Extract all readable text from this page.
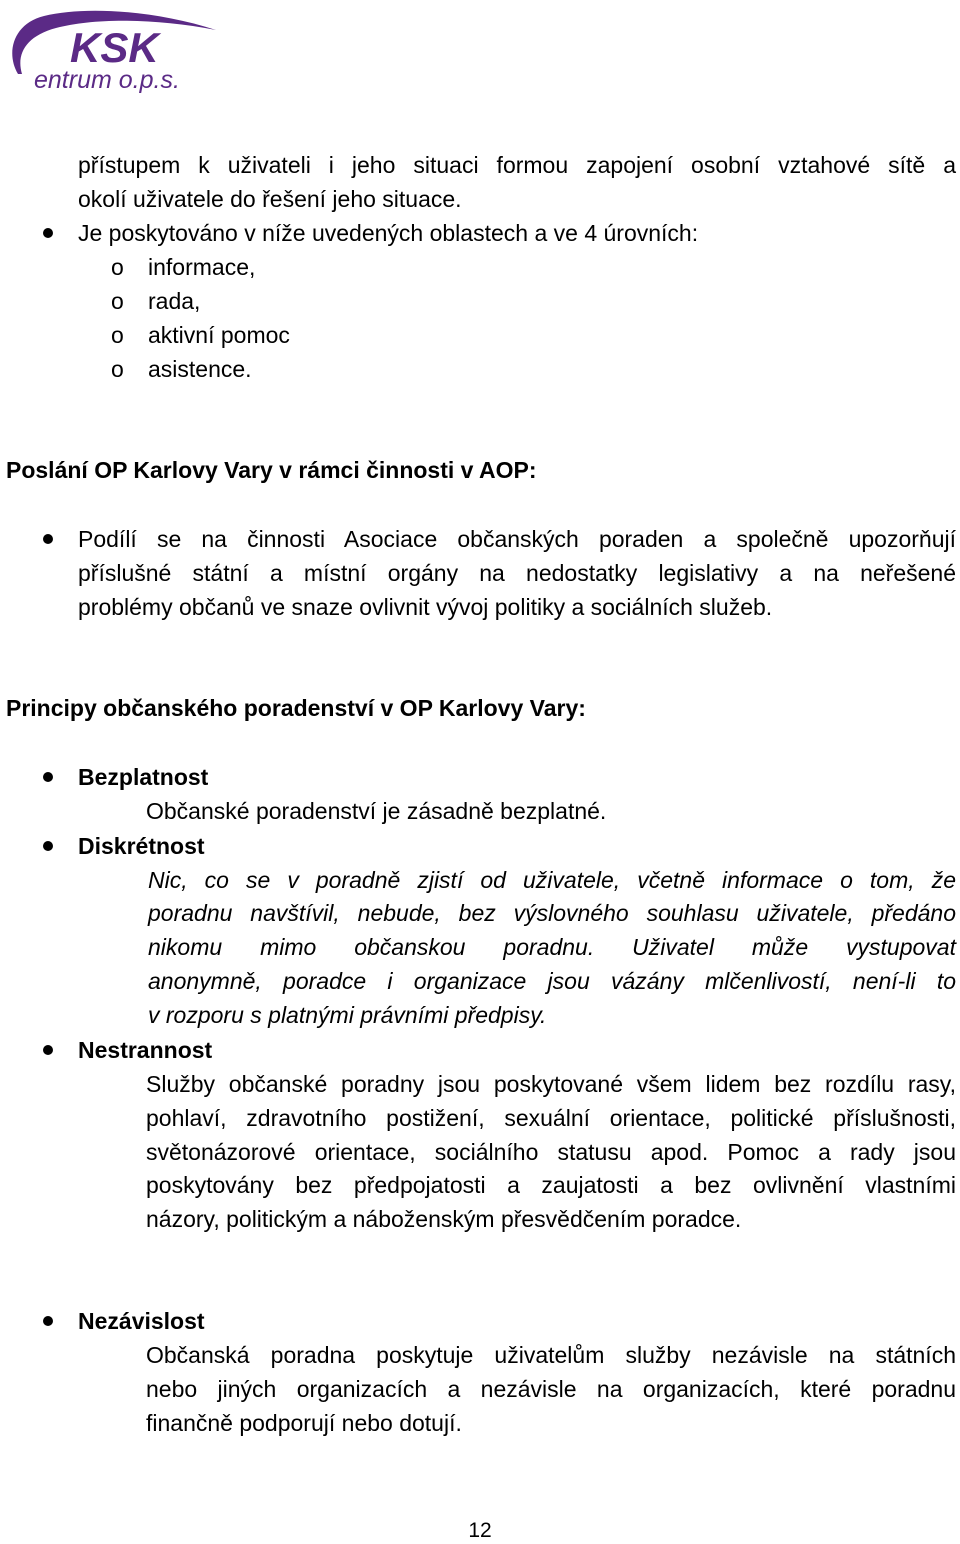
KSK
entrum o.p.s.
přístupem k uživateli i jeho situaci formou zapojení osobní vztahové sítě a
okolí uživatele do řešení jeho situace.
Je poskytováno v níže uvedených oblastech a ve 4 úrovních:
o informace,
o rada,
o aktivní pomoc
o asistence.
Poslání OP Karlovy Vary v rámci činnosti v AOP:
Podílí se na činnosti Asociace občanských poraden a společně upozorňují
příslušné státní a místní orgány na nedostatky legislativy a na neřešené
problémy občanů ve snaze ovlivnit vývoj politiky a sociálních služeb.
Principy občanského poradenství v OP Karlovy Vary:
Bezplatnost
Občanské poradenství je zásadně bezplatné.
Diskrétnost
Nic, co se v poradně zjistí od uživatele, včetně informace o tom, že
poradnu navštívil, nebude, bez výslovného souhlasu uživatele, předáno
nikomu mimo občanskou poradnu. Uživatel může vystupovat
anonymně, poradce i organizace jsou vázány mlčenlivostí, není-li to
v rozporu s platnými právními předpisy.
Nestrannost
Služby občanské poradny jsou poskytované všem lidem bez rozdílu rasy,
pohlaví, zdravotního postižení, sexuální orientace, politické příslušnosti,
světonázorové orientace, sociálního statusu apod. Pomoc a rady jsou
poskytovány bez předpojatosti a zaujatosti a bez ovlivnění vlastními
názory, politickým a náboženským přesvědčením poradce.
Nezávislost
Občanská poradna poskytuje uživatelům služby nezávisle na státních
nebo jiných organizacích a nezávisle na organizacích, které poradnu
finančně podporují nebo dotují.
12
